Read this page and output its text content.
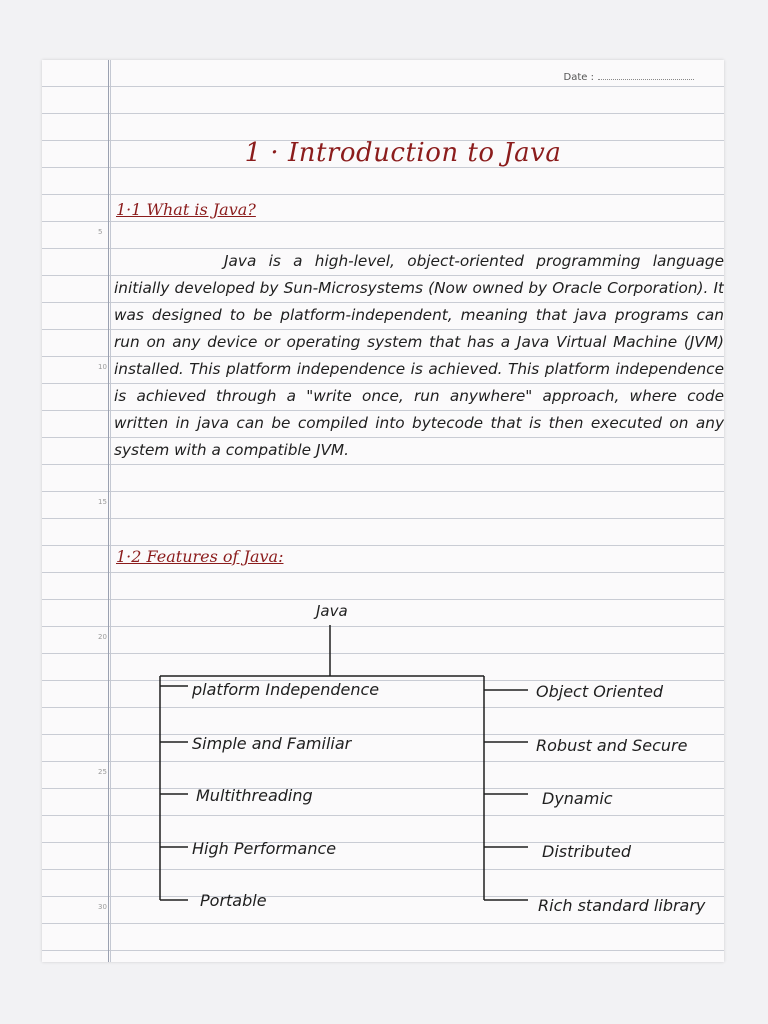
5
10
15
20
25
30
Date :
1 · Introduction to Java
1·1 What is Java?
Java is a high-level, object-oriented programming language initially developed by Sun-Microsystems (Now owned by Oracle Corporation). It was designed to be platform-independent, meaning that java programs can run on any device or operating system that has a Java Virtual Machine (JVM) installed. This platform independence is achieved. This platform independence is achieved through a "write once, run anywhere" approach, where code written in java can be compiled into bytecode that is then executed on any system with a compatible JVM.
1·2 Features of Java:
Java
platform Independence
Simple and Familiar
Multithreading
High Performance
Portable
Object Oriented
Robust and Secure
Dynamic
Distributed
Rich standard library
